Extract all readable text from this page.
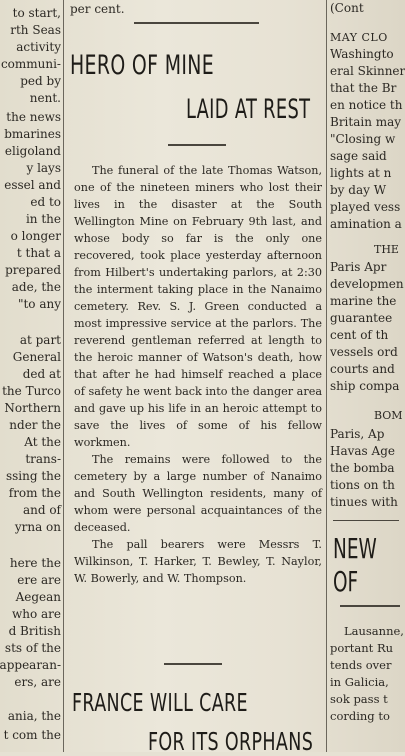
to start,
rth Seas
activity
communi-
ped by
nent.
the news
bmarines
eligoland
y lays
essel and
ed to
in the
o longer
t that a
prepared
ade, the
"to any
at part
General
ded at
the Turco
Northern
nder the
At the
trans-
ssing the
from the
and of
yrna on
here the
ere are
Aegean
who are
d British
sts of the
appearan-
ers, are
ania, the
t com the
per cent.
HERO OF MINE
LAID AT REST

The funeral of the late Thomas Watson, one of the nineteen miners who lost their lives in the disaster at the South Wellington Mine on February 9th last, and whose body so far is the only one recovered, took place yesterday afternoon from Hilbert's undertaking parlors, at 2:30 the interment taking place in the Nanaimo cemetery. Rev. S. J. Green conducted a most impressive service at the parlors. The reverend gentleman referred at length to the heroic manner of Watson's death, how that after he had himself reached a place of safety he went back into the danger area and gave up his life in an heroic attempt to save the lives of some of his fellow workmen.

The remains were followed to the cemetery by a large number of Nanaimo and South Wellington residents, many of whom were personal acquaintances of the deceased.

The pall bearers were Messrs T. Wilkinson, T. Harker, T. Bewley, T. Naylor, W. Bowerly, and W. Thompson.

FRANCE WILL CARE
FOR ITS ORPHANS
(Cont
MAY CLO
Washingto
eral Skinner
that the Br
en notice th
Britain may
"Closing w
sage said
lights at n
by day W
played vess
amination a
THE
Paris Apr
developmen
marine the
guarantee
cent of th
vessels ord
courts and
ship compa
BOM
Paris, Ap
Havas Age
the bomba
tions on th
tinues with
NEW OF
Lausanne,
portant Ru
tends over
in Galicia,
sok pass t
cording to
